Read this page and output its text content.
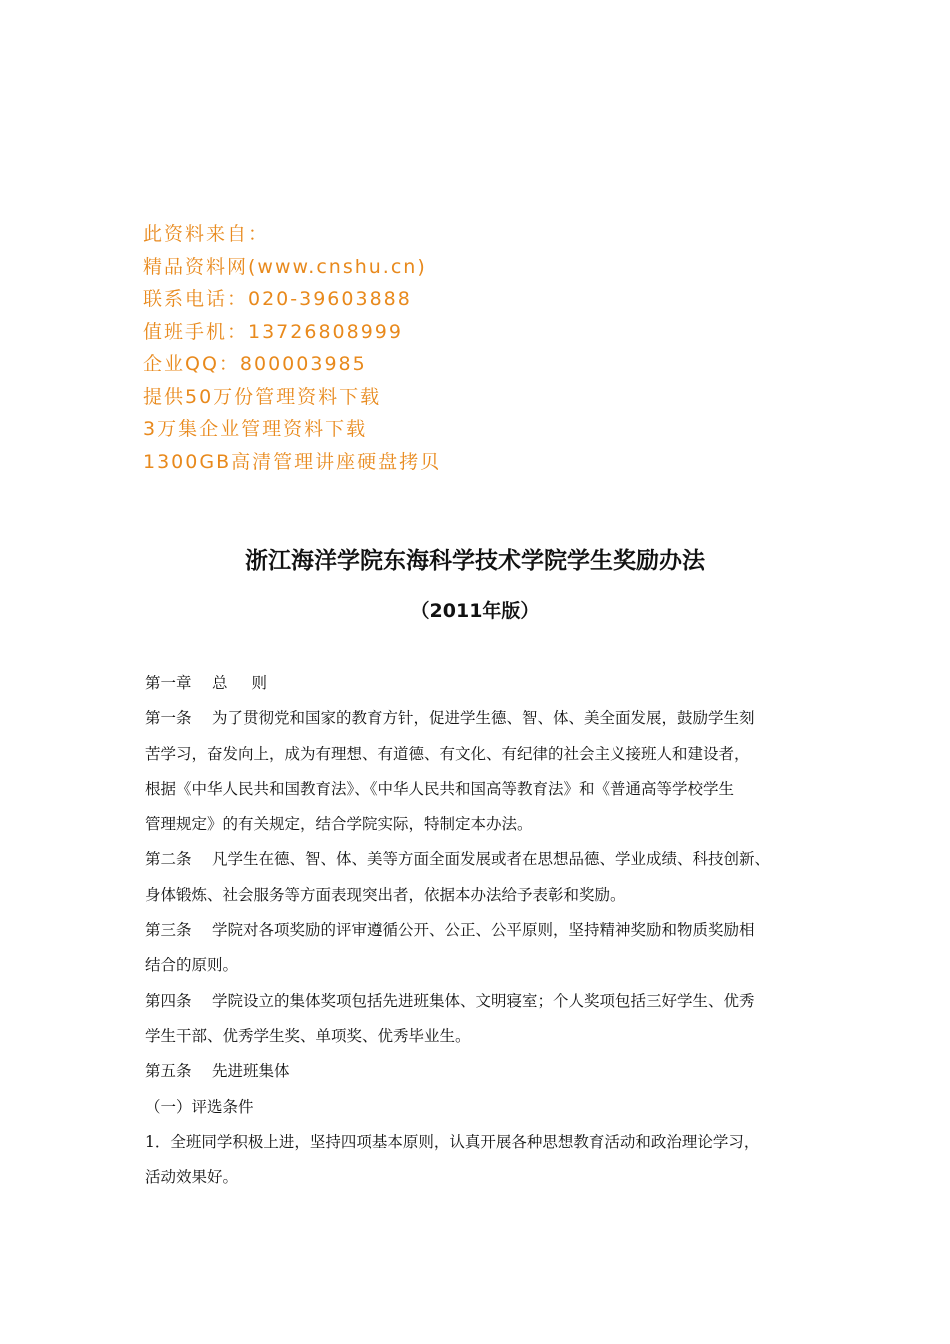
此资料来自：
精品资料网(www.cnshu.cn)
联系电话：020-39603888
值班手机：13726808999
企业QQ：800003985
提供50万份管理资料下载
3万集企业管理资料下载
1300GB高清管理讲座硬盘拷贝
浙江海洋学院东海科学技术学院学生奖励办法
（2011年版）
第一章 总 则
第一条 为了贯彻党和国家的教育方针，促进学生德、智、体、美全面发展，鼓励学生刻
苦学习，奋发向上，成为有理想、有道德、有文化、有纪律的社会主义接班人和建设者，
根据《中华人民共和国教育法》、《中华人民共和国高等教育法》和《普通高等学校学生
管理规定》的有关规定，结合学院实际，特制定本办法。
第二条 凡学生在德、智、体、美等方面全面发展或者在思想品德、学业成绩、科技创新、
身体锻炼、社会服务等方面表现突出者，依据本办法给予表彰和奖励。
第三条 学院对各项奖励的评审遵循公开、公正、公平原则，坚持精神奖励和物质奖励相
结合的原则。
第四条 学院设立的集体奖项包括先进班集体、文明寝室；个人奖项包括三好学生、优秀
学生干部、优秀学生奖、单项奖、优秀毕业生。
第五条 先进班集体
（一）评选条件
1．全班同学积极上进，坚持四项基本原则，认真开展各种思想教育活动和政治理论学习，
活动效果好。
